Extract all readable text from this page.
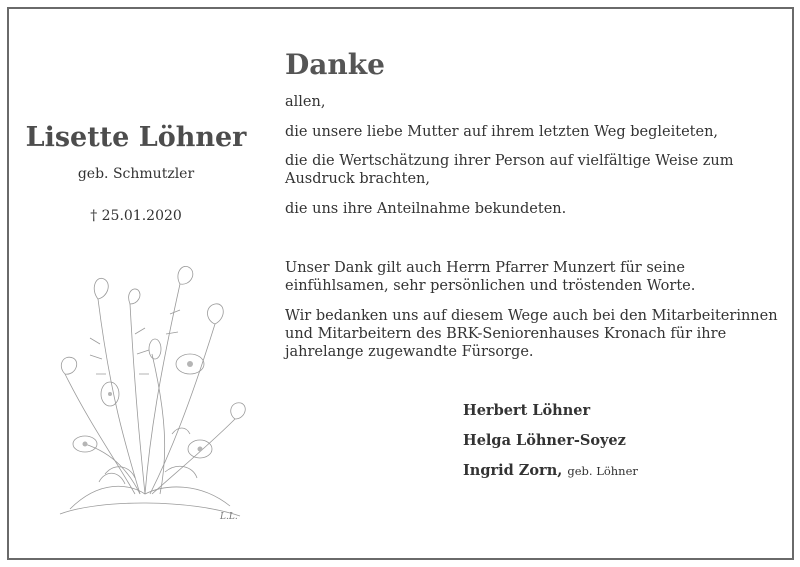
Lisette Löhner
geb. Schmutzler
† 25.01.2020
L.L.
Danke
allen,
die unsere liebe Mutter auf ihrem letzten Weg begleiteten,
die die Wertschätzung ihrer Person auf vielfältige Weise zum
Ausdruck brachten,
die uns ihre Anteilnahme bekundeten.
Unser Dank gilt auch Herrn Pfarrer Munzert für seine
einfühlsamen, sehr persönlichen und tröstenden Worte.
Wir bedanken uns auf diesem Wege auch bei den Mitarbeiterinnen
und Mitarbeitern des BRK-Seniorenhauses Kronach für ihre
jahrelange zugewandte Fürsorge.
Herbert Löhner
Helga Löhner-Soyez
Ingrid Zorn, geb. Löhner
